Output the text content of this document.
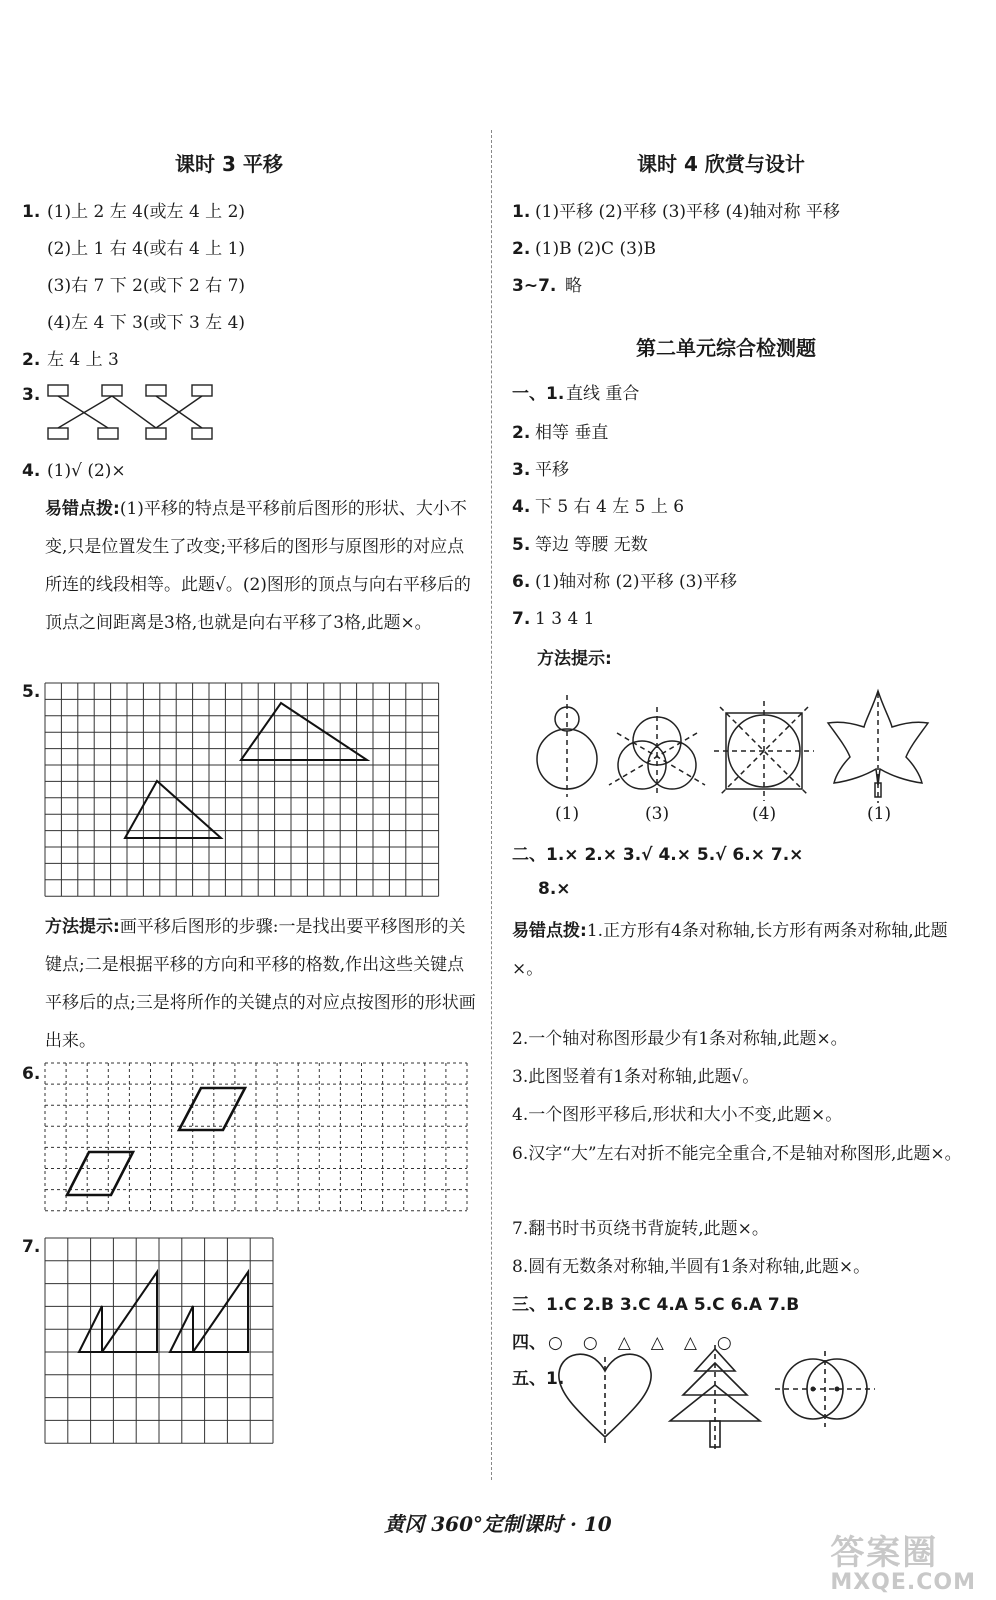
课时 3 平移
1. (1)上 2 左 4(或左 4 上 2)
(2)上 1 右 4(或右 4 上 1)
(3)右 7 下 2(或下 2 右 7)
(4)左 4 下 3(或下 3 左 4)
2. 左 4 上 3
3.
4. (1)√ (2)×
易错点拨:(1)平移的特点是平移前后图形的形状、大小不变,只是位置发生了改变;平移后的图形与原图形的对应点所连的线段相等。此题√。(2)图形的顶点与向右平移后的顶点之间距离是3格,也就是向右平移了3格,此题×。
5.
方法提示:画平移后图形的步骤:一是找出要平移图形的关键点;二是根据平移的方向和平移的格数,作出这些关键点平移后的点;三是将所作的关键点的对应点按图形的形状画出来。
6.
7.
课时 4 欣赏与设计
1. (1)平移 (2)平移 (3)平移 (4)轴对称 平移
2. (1)B (2)C (3)B
3~7. 略
第二单元综合检测题
一、1. 直线 重合
2. 相等 垂直
3. 平移
4. 下 5 右 4 左 5 上 6
5. 等边 等腰 无数
6. (1)轴对称 (2)平移 (3)平移
7. 1 3 4 1
方法提示:
(1)	(3)	(4)	(1)
二、1.× 2.× 3.√ 4.× 5.√ 6.× 7.×
8.×
易错点拨:1.正方形有4条对称轴,长方形有两条对称轴,此题×。
2.一个轴对称图形最少有1条对称轴,此题×。
3.此图竖着有1条对称轴,此题√。
4.一个图形平移后,形状和大小不变,此题×。
6.汉字“大”左右对折不能完全重合,不是轴对称图形,此题×。
7.翻书时书页绕书背旋转,此题×。
8.圆有无数条对称轴,半圆有1条对称轴,此题×。
三、1.C 2.B 3.C 4.A 5.C 6.A 7.B
四、 ○○△△△○
五、1.
黄冈 360°定制课时 · 10
答案圈
MXQE.COM
